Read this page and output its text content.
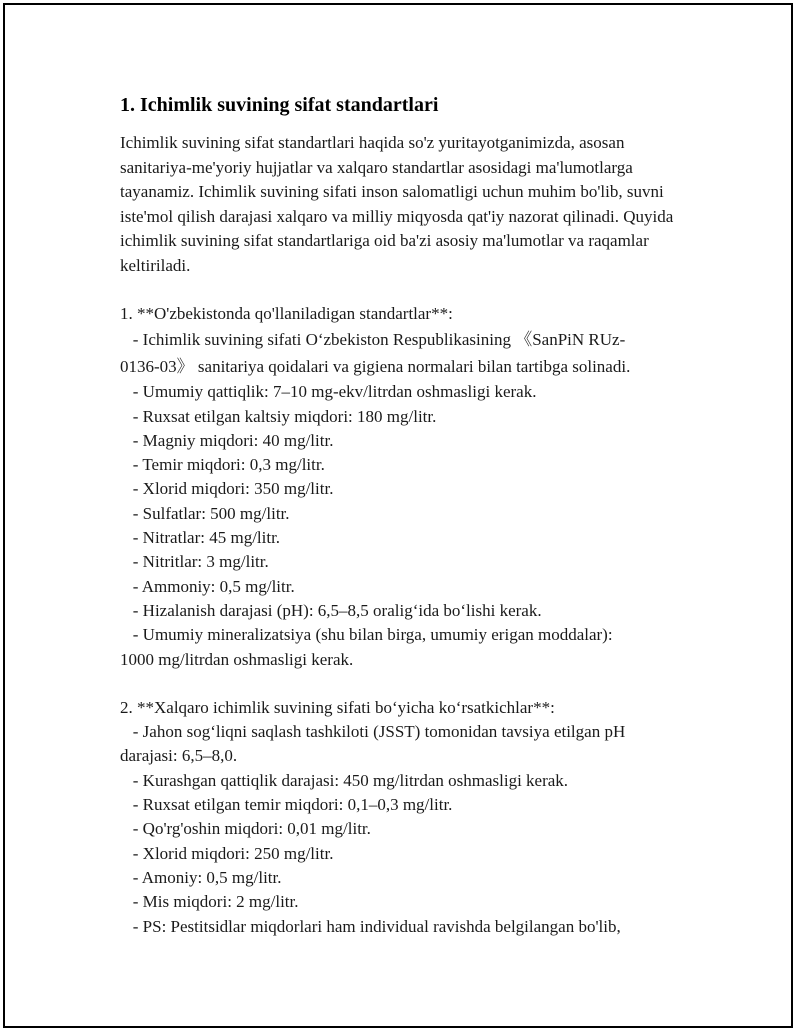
1. Ichimlik suvining sifat standartlari

Ichimlik suvining sifat standartlari haqida so'z yuritayotganimizda, asosan sanitariya-me'yoriy hujjatlar va xalqaro standartlar asosidagi ma'lumotlarga tayanamiz. Ichimlik suvining sifati inson salomatligi uchun muhim bo'lib, suvni iste'mol qilish darajasi xalqaro va milliy miqyosda qat'iy nazorat qilinadi. Quyida ichimlik suvining sifat standartlariga oid ba'zi asosiy ma'lumotlar va raqamlar keltiriladi.

1. **O'zbekistonda qo'llaniladigan standartlar**:
- Ichimlik suvining sifati O‘zbekiston Respublikasining 《SanPiN RUz-
0136-03》 sanitariya qoidalari va gigiena normalari bilan tartibga solinadi.
- Umumiy qattiqlik: 7–10 mg-ekv/litrdan oshmasligi kerak.
- Ruxsat etilgan kaltsiy miqdori: 180 mg/litr.
- Magniy miqdori: 40 mg/litr.
- Temir miqdori: 0,3 mg/litr.
- Xlorid miqdori: 350 mg/litr.
- Sulfatlar: 500 mg/litr.
- Nitratlar: 45 mg/litr.
- Nitritlar: 3 mg/litr.
- Ammoniy: 0,5 mg/litr.
- Hizalanish darajasi (pH): 6,5–8,5 oralig‘ida bo‘lishi kerak.
- Umumiy mineralizatsiya (shu bilan birga, umumiy erigan moddalar):
1000 mg/litrdan oshmasligi kerak.
2. **Xalqaro ichimlik suvining sifati bo‘yicha ko‘rsatkichlar**:
- Jahon sog‘liqni saqlash tashkiloti (JSST) tomonidan tavsiya etilgan pH
darajasi: 6,5–8,0.
- Kurashgan qattiqlik darajasi: 450 mg/litrdan oshmasligi kerak.
- Ruxsat etilgan temir miqdori: 0,1–0,3 mg/litr.
- Qo'rg'oshin miqdori: 0,01 mg/litr.
- Xlorid miqdori: 250 mg/litr.
- Amoniy: 0,5 mg/litr.
- Mis miqdori: 2 mg/litr.
- PS: Pestitsidlar miqdorlari ham individual ravishda belgilangan bo'lib,
